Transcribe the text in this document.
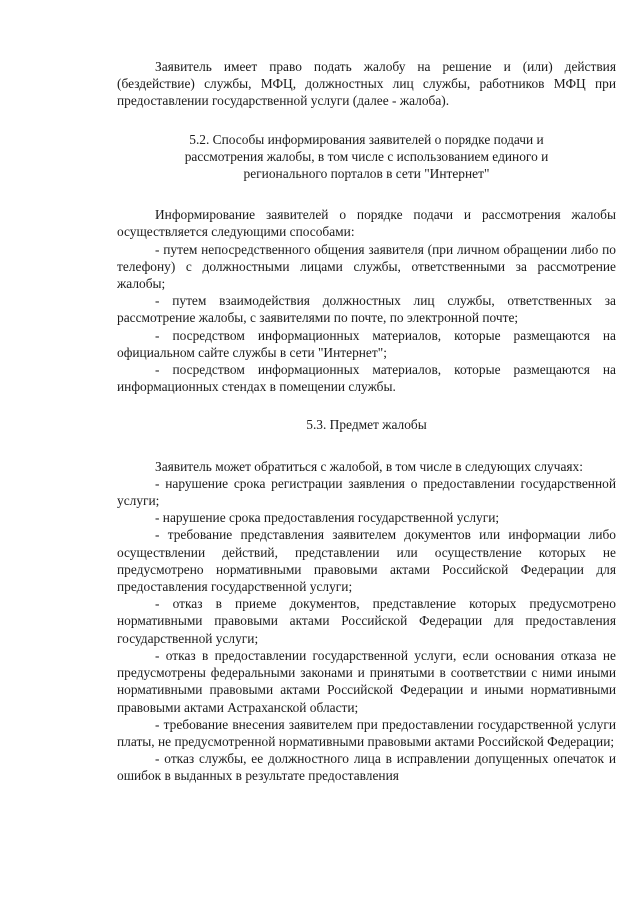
Заявитель имеет право подать жалобу на решение и (или) действия (бездействие) службы, МФЦ, должностных лиц службы, работников МФЦ при предоставлении государственной услуги (далее - жалоба).

5.2. Способы информирования заявителей о порядке подачи и

рассмотрения жалобы, в том числе с использованием единого и

регионального порталов в сети "Интернет"

Информирование заявителей о порядке подачи и рассмотрения жалобы осуществляется следующими способами:

- путем непосредственного общения заявителя (при личном обращении либо по телефону) с должностными лицами службы, ответственными за рассмотрение жалобы;

- путем взаимодействия должностных лиц службы, ответственных за рассмотрение жалобы, с заявителями по почте, по электронной почте;

- посредством информационных материалов, которые размещаются на официальном сайте службы в сети "Интернет";

- посредством информационных материалов, которые размещаются на информационных стендах в помещении службы.

5.3. Предмет жалобы

Заявитель может обратиться с жалобой, в том числе в следующих случаях:

- нарушение срока регистрации заявления о предоставлении государственной услуги;

- нарушение срока предоставления государственной услуги;

- требование представления заявителем документов или информации либо осуществлении действий, представлении или осуществление которых не предусмотрено нормативными правовыми актами Российской Федерации для предоставления государственной услуги;

- отказ в приеме документов, представление которых предусмотрено нормативными правовыми актами Российской Федерации для предоставления государственной услуги;

- отказ в предоставлении государственной услуги, если основания отказа не предусмотрены федеральными законами и принятыми в соответствии с ними иными нормативными правовыми актами Российской Федерации и иными нормативными правовыми актами Астраханской области;

- требование внесения заявителем при предоставлении государственной услуги платы, не предусмотренной нормативными правовыми актами Российской Федерации;

- отказ службы, ее должностного лица в исправлении допущенных опечаток и ошибок в выданных в результате предоставления
